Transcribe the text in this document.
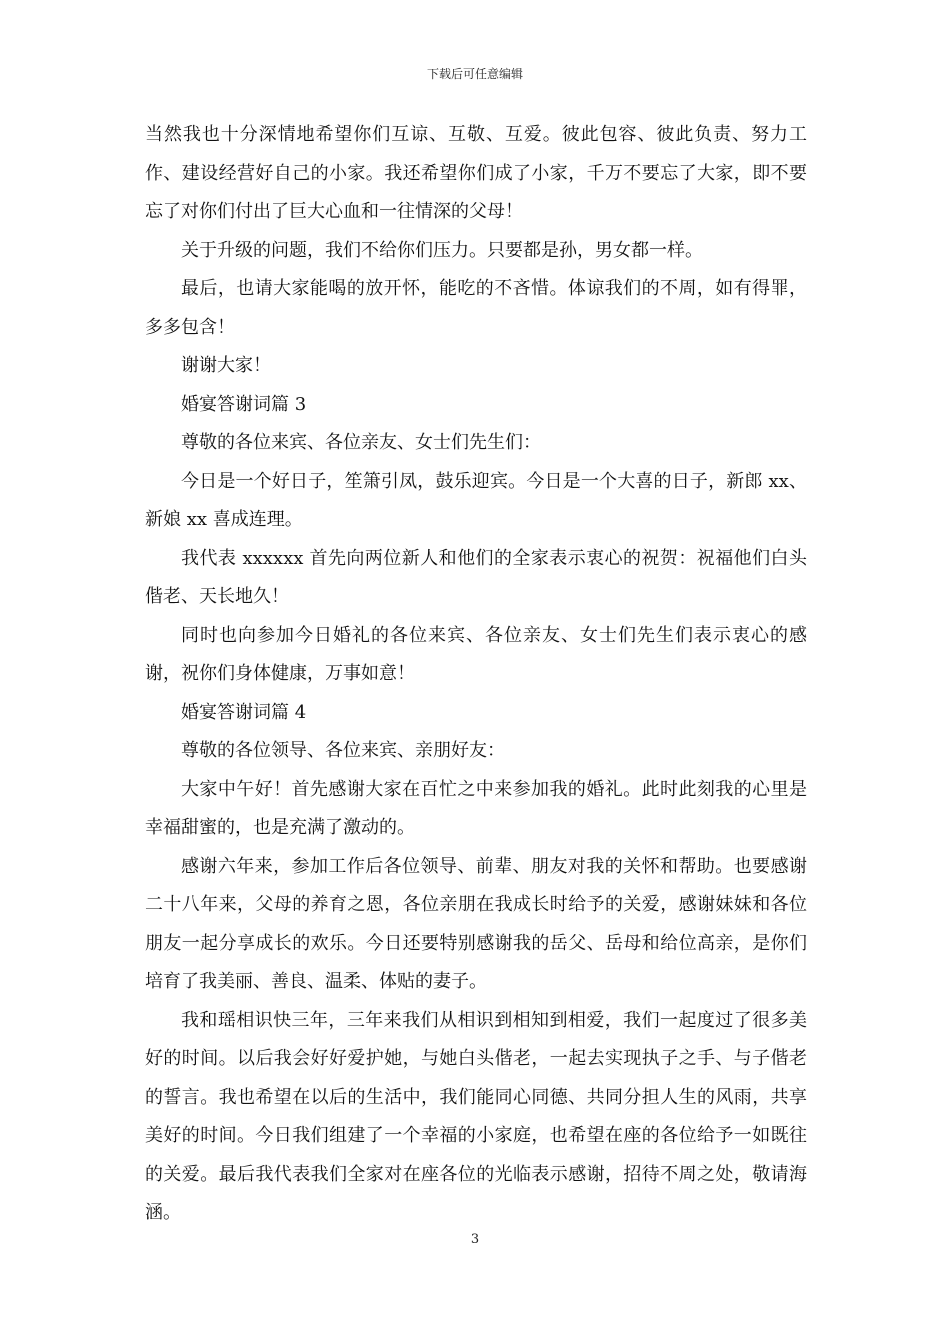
下载后可任意编辑

当然我也十分深情地希望你们互谅、互敬、互爱。彼此包容、彼此负责、努力工作、建设经营好自己的小家。我还希望你们成了小家，千万不要忘了大家，即不要忘了对你们付出了巨大心血和一往情深的父母！

关于升级的问题，我们不给你们压力。只要都是孙，男女都一样。

最后，也请大家能喝的放开怀，能吃的不吝惜。体谅我们的不周，如有得罪，多多包含！

谢谢大家！

婚宴答谢词篇 3

尊敬的各位来宾、各位亲友、女士们先生们：

今日是一个好日子，笙箫引凤，鼓乐迎宾。今日是一个大喜的日子，新郎 xx、新娘 xx 喜成连理。

我代表 xxxxxx 首先向两位新人和他们的全家表示衷心的祝贺：祝福他们白头偕老、天长地久！

同时也向参加今日婚礼的各位来宾、各位亲友、女士们先生们表示衷心的感谢，祝你们身体健康，万事如意！

婚宴答谢词篇 4

尊敬的各位领导、各位来宾、亲朋好友：

大家中午好！首先感谢大家在百忙之中来参加我的婚礼。此时此刻我的心里是幸福甜蜜的，也是充满了激动的。

感谢六年来，参加工作后各位领导、前辈、朋友对我的关怀和帮助。也要感谢二十八年来，父母的养育之恩，各位亲朋在我成长时给予的关爱，感谢妹妹和各位朋友一起分享成长的欢乐。今日还要特别感谢我的岳父、岳母和给位高亲，是你们培育了我美丽、善良、温柔、体贴的妻子。

我和瑶相识快三年，三年来我们从相识到相知到相爱，我们一起度过了很多美好的时间。以后我会好好爱护她，与她白头偕老，一起去实现执子之手、与子偕老的誓言。我也希望在以后的生活中，我们能同心同德、共同分担人生的风雨，共享美好的时间。今日我们组建了一个幸福的小家庭，也希望在座的各位给予一如既往的关爱。最后我代表我们全家对在座各位的光临表示感谢，招待不周之处，敬请海涵。

3
